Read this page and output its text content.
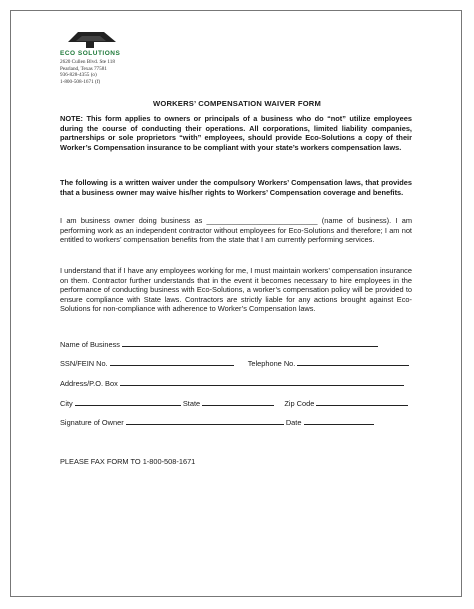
ECO SOLUTIONS
2620 Cullen Blvd. Ste 118
Pearland, Texas 77581
936-828-4355 (o)
1-800-508-1671 (f)
WORKERS’ COMPENSATION WAIVER FORM
NOTE: This form applies to owners or principals of a business who do “not” utilize employees during the course of conducting their operations. All corporations, limited liability companies, partnerships or sole proprietors “with” employees, should provide Eco-Solutions a copy of their Worker’s Compensation insurance to be compliant with your state’s workers compensation laws.
The following is a written waiver under the compulsory Workers’ Compensation laws, that provides that a business owner may waive his/her rights to Workers’ Compensation coverage and benefits.
I am business owner doing business as ___________________________ (name of business). I am performing work as an independent contractor without employees for Eco-Solutions and therefore; I am not entitled to workers’ compensation benefits from the state that I am currently performing services.
I understand that if I have any employees working for me, I must maintain workers’ compensation insurance on them. Contractor further understands that in the event it becomes necessary to hire employees in the performance of conducting business with Eco-Solutions, a worker’s compensation policy will be provided to ensure compliance with State laws. Contractors are strictly liable for any actions brought against Eco-Solutions for non-compliance with adherence to Worker’s Compensation laws.
Name of Business
SSN/FEIN No.	Telephone No.
Address/P.O. Box
City	State	Zip Code
Signature of Owner	Date
PLEASE FAX FORM TO 1-800-508-1671
